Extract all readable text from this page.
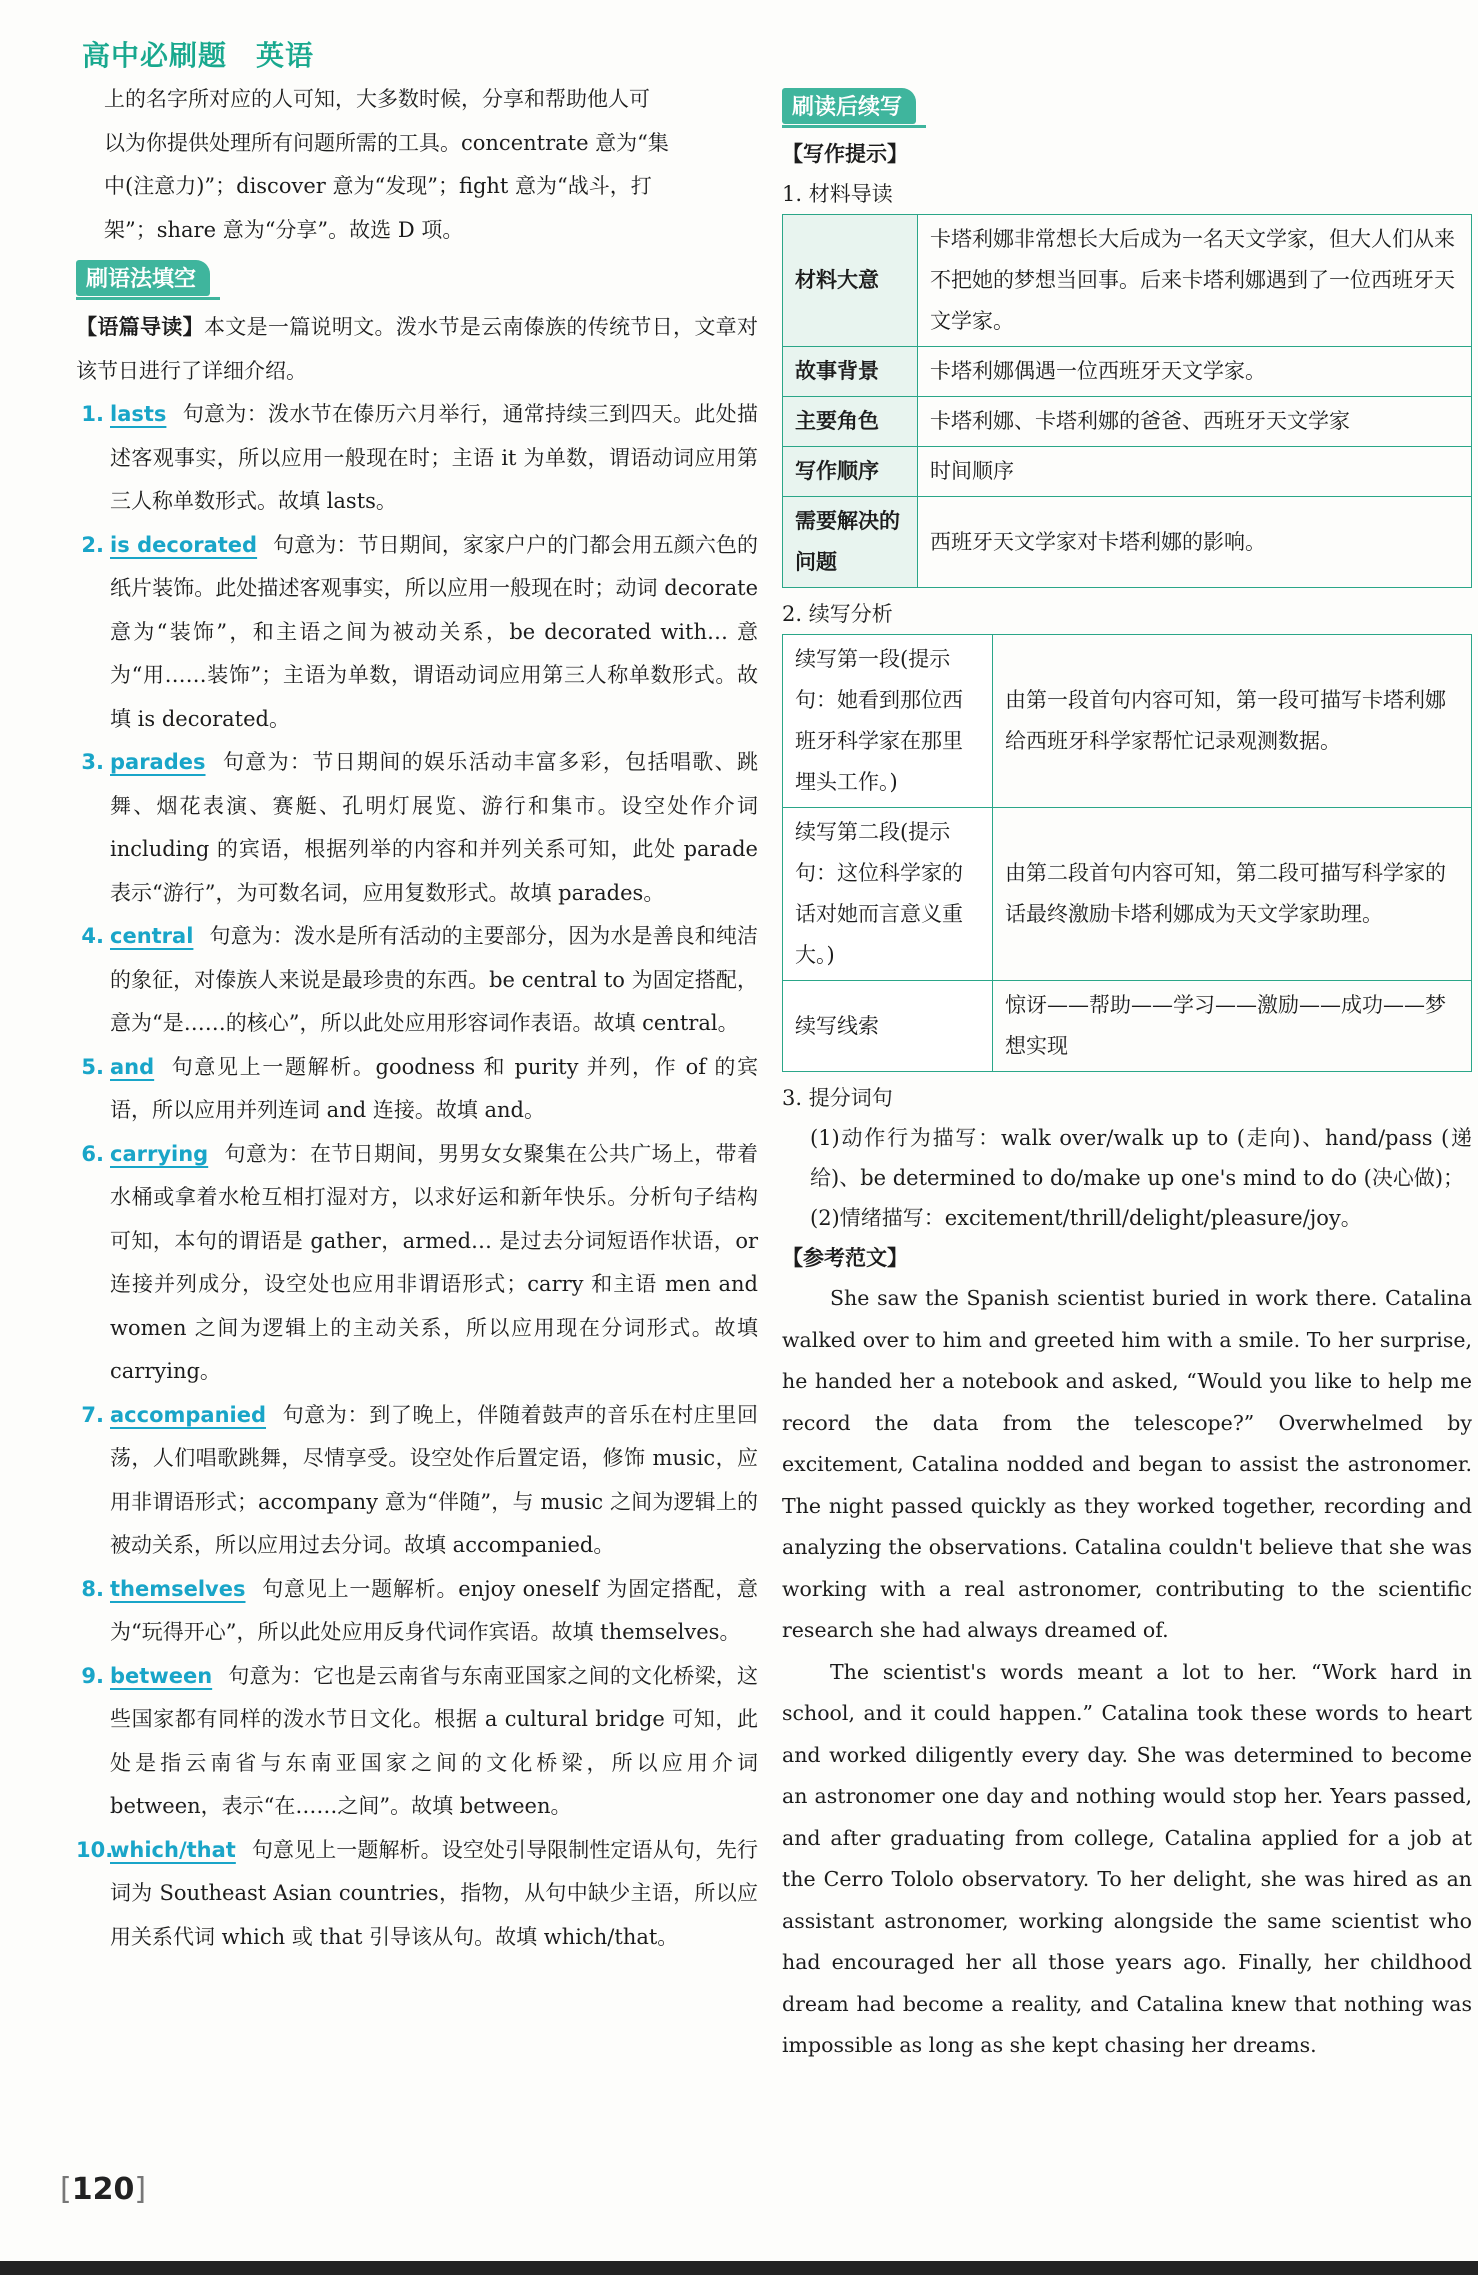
高中必刷题　英语

上的名字所对应的人可知，大多数时候，分享和帮助他人可

以为你提供处理所有问题所需的工具。concentrate 意为“集

中(注意力)”；discover 意为“发现”；fight 意为“战斗，打

架”；share 意为“分享”。故选 D 项。

刷语法填空

【语篇导读】本文是一篇说明文。泼水节是云南傣族的传统节日，文章对该节日进行了详细介绍。

1. lasts 句意为：泼水节在傣历六月举行，通常持续三到四天。此处描述客观事实，所以应用一般现在时；主语 it 为单数，谓语动词应用第三人称单数形式。故填 lasts。
2. is decorated 句意为：节日期间，家家户户的门都会用五颜六色的纸片装饰。此处描述客观事实，所以应用一般现在时；动词 decorate 意为“装饰”，和主语之间为被动关系，be decorated with… 意为“用……装饰”；主语为单数，谓语动词应用第三人称单数形式。故填 is decorated。
3. parades 句意为：节日期间的娱乐活动丰富多彩，包括唱歌、跳舞、烟花表演、赛艇、孔明灯展览、游行和集市。设空处作介词 including 的宾语，根据列举的内容和并列关系可知，此处 parade 表示“游行”，为可数名词，应用复数形式。故填 parades。
4. central 句意为：泼水是所有活动的主要部分，因为水是善良和纯洁的象征，对傣族人来说是最珍贵的东西。be central to 为固定搭配，意为“是……的核心”，所以此处应用形容词作表语。故填 central。
5. and 句意见上一题解析。goodness 和 purity 并列，作 of 的宾语，所以应用并列连词 and 连接。故填 and。
6. carrying 句意为：在节日期间，男男女女聚集在公共广场上，带着水桶或拿着水枪互相打湿对方，以求好运和新年快乐。分析句子结构可知，本句的谓语是 gather，armed… 是过去分词短语作状语，or 连接并列成分，设空处也应用非谓语形式；carry 和主语 men and women 之间为逻辑上的主动关系，所以应用现在分词形式。故填 carrying。
7. accompanied 句意为：到了晚上，伴随着鼓声的音乐在村庄里回荡，人们唱歌跳舞，尽情享受。设空处作后置定语，修饰 music，应用非谓语形式；accompany 意为“伴随”，与 music 之间为逻辑上的被动关系，所以应用过去分词。故填 accompanied。
8. themselves 句意见上一题解析。enjoy oneself 为固定搭配，意为“玩得开心”，所以此处应用反身代词作宾语。故填 themselves。
9. between 句意为：它也是云南省与东南亚国家之间的文化桥梁，这些国家都有同样的泼水节日文化。根据 a cultural bridge 可知，此处是指云南省与东南亚国家之间的文化桥梁，所以应用介词 between，表示“在……之间”。故填 between。
10.
which/that 句意见上一题解析。设空处引导限制性定语从句，先行词为 Southeast Asian countries，指物，从句中缺少主语，所以应用关系代词 which 或 that 引导该从句。故填 which/that。
刷读后续写

【写作提示】

1. 材料导读

材料大意	卡塔利娜非常想长大后成为一名天文学家，但大人们从来不把她的梦想当回事。后来卡塔利娜遇到了一位西班牙天文学家。
故事背景	卡塔利娜偶遇一位西班牙天文学家。
主要角色	卡塔利娜、卡塔利娜的爸爸、西班牙天文学家
写作顺序	时间顺序
需要解决的问题	西班牙天文学家对卡塔利娜的影响。

2. 续写分析

续写第一段(提示句：她看到那位西班牙科学家在那里埋头工作。)	由第一段首句内容可知，第一段可描写卡塔利娜给西班牙科学家帮忙记录观测数据。
续写第二段(提示句：这位科学家的话对她而言意义重大。)	由第二段首句内容可知，第二段可描写科学家的话最终激励卡塔利娜成为天文学家助理。
续写线索	惊讶——帮助——学习——激励——成功——梦想实现

3. 提分词句

(1)动作行为描写：walk over/walk up to (走向)、hand/pass (递给)、be determined to do/make up one's mind to do (决心做)；

(2)情绪描写：excitement/thrill/delight/pleasure/joy。

【参考范文】

She saw the Spanish scientist buried in work there. Catalina walked over to him and greeted him with a smile. To her surprise, he handed her a notebook and asked, “Would you like to help me record the data from the telescope?” Overwhelmed by excitement, Catalina nodded and began to assist the astronomer. The night passed quickly as they worked together, recording and analyzing the observations. Catalina couldn't believe that she was working with a real astronomer, contributing to the scientific research she had always dreamed of.

The scientist's words meant a lot to her. “Work hard in school, and it could happen.” Catalina took these words to heart and worked diligently every day. She was determined to become an astronomer one day and nothing would stop her. Years passed, and after graduating from college, Catalina applied for a job at the Cerro Tololo observatory. To her delight, she was hired as an assistant astronomer, working alongside the same scientist who had encouraged her all those years ago. Finally, her childhood dream had become a reality, and Catalina knew that nothing was impossible as long as she kept chasing her dreams.

[120]
